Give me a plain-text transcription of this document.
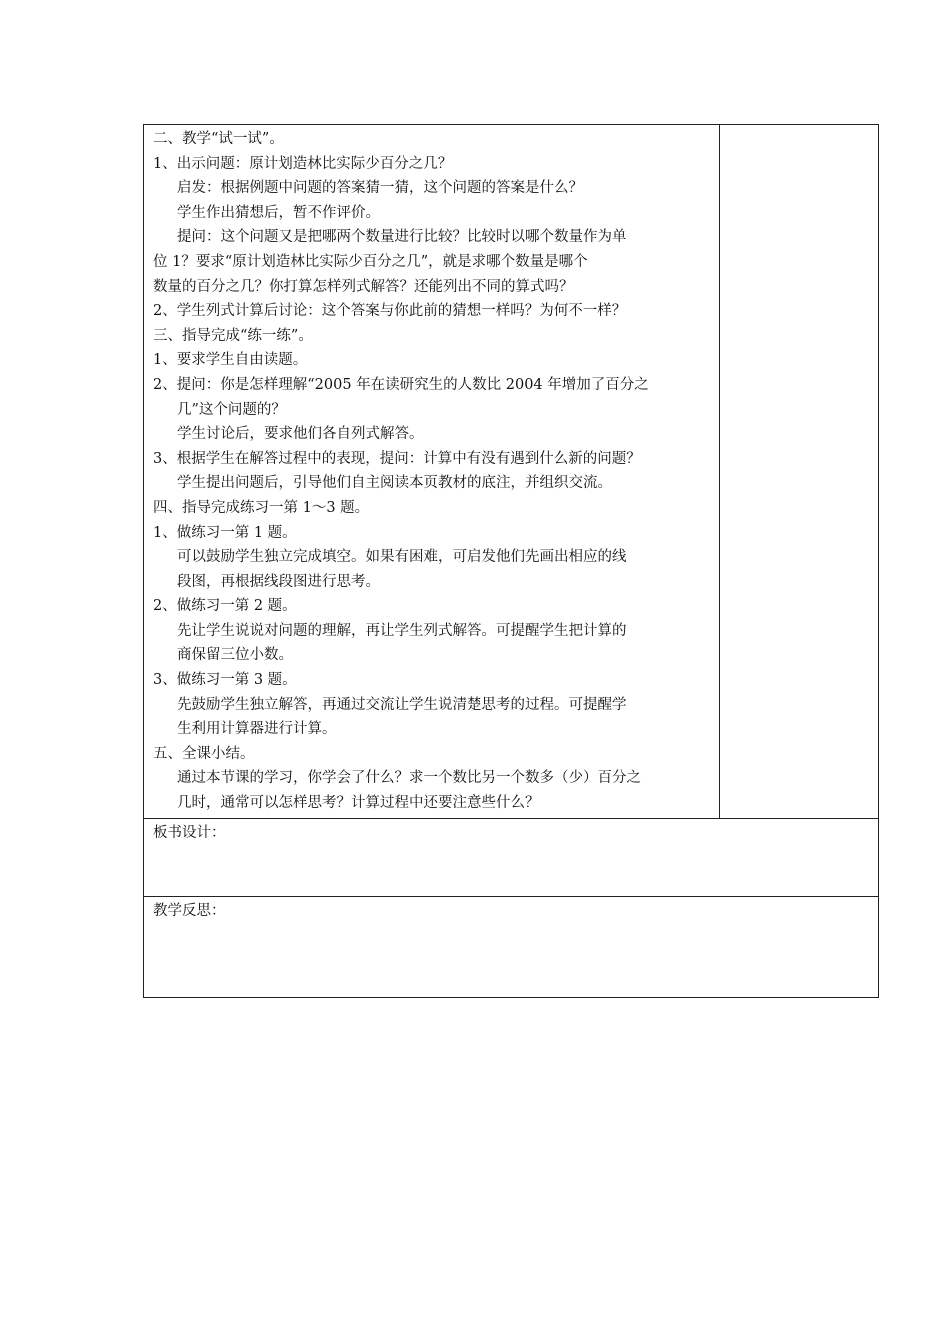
二、教学“试一试”。
1、出示问题：原计划造林比实际少百分之几？
启发：根据例题中问题的答案猜一猜，这个问题的答案是什么？
学生作出猜想后，暂不作评价。
提问：这个问题又是把哪两个数量进行比较？比较时以哪个数量作为单
位 1？要求“原计划造林比实际少百分之几”，就是求哪个数量是哪个
数量的百分之几？你打算怎样列式解答？还能列出不同的算式吗？
2、学生列式计算后讨论：这个答案与你此前的猜想一样吗？为何不一样？
三、指导完成“练一练”。
1、要求学生自由读题。
2、提问：你是怎样理解“2005 年在读研究生的人数比 2004 年增加了百分之
几”这个问题的？
学生讨论后，要求他们各自列式解答。
3、根据学生在解答过程中的表现，提问：计算中有没有遇到什么新的问题？
学生提出问题后，引导他们自主阅读本页教材的底注，并组织交流。
四、指导完成练习一第 1～3 题。
1、做练习一第 1 题。
可以鼓励学生独立完成填空。如果有困难，可启发他们先画出相应的线
段图，再根据线段图进行思考。
2、做练习一第 2 题。
先让学生说说对问题的理解，再让学生列式解答。可提醒学生把计算的
商保留三位小数。
3、做练习一第 3 题。
先鼓励学生独立解答，再通过交流让学生说清楚思考的过程。可提醒学
生利用计算器进行计算。
五、全课小结。
通过本节课的学习，你学会了什么？求一个数比另一个数多（少）百分之
几时，通常可以怎样思考？计算过程中还要注意些什么？

板书设计：

教学反思：
